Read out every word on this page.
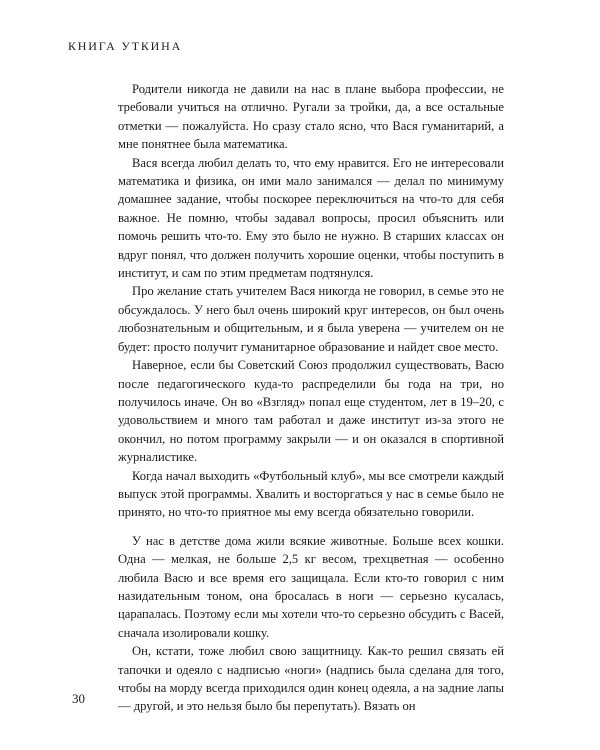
КНИГА УТКИНА

Родители никогда не давили на нас в плане выбора профессии, не требовали учиться на отлично. Ругали за тройки, да, а все остальные отметки — пожалуйста. Но сразу стало ясно, что Вася гуманитарий, а мне понятнее была математика.

Вася всегда любил делать то, что ему нравится. Его не интересовали математика и физика, он ими мало занимался — делал по минимуму домашнее задание, чтобы поскорее переключиться на что-то для себя важное. Не помню, чтобы задавал вопросы, просил объяснить или помочь решить что-то. Ему это было не нужно. В старших классах он вдруг понял, что должен получить хорошие оценки, чтобы поступить в институт, и сам по этим предметам подтянулся.

Про желание стать учителем Вася никогда не говорил, в семье это не обсуждалось. У него был очень широкий круг интересов, он был очень любознательным и общительным, и я была уверена — учителем он не будет: просто получит гуманитарное образование и найдет свое место.

Наверное, если бы Советский Союз продолжил существовать, Васю после педагогического куда-то распределили бы года на три, но получилось иначе. Он во «Взгляд» попал еще студентом, лет в 19–20, с удовольствием и много там работал и даже институт из-за этого не окончил, но потом программу закрыли — и он оказался в спортивной журналистике.

Когда начал выходить «Футбольный клуб», мы все смотрели каждый выпуск этой программы. Хвалить и восторгаться у нас в семье было не принято, но что-то приятное мы ему всегда обязательно говорили.

У нас в детстве дома жили всякие животные. Больше всех кошки. Одна — мелкая, не больше 2,5 кг весом, трехцветная — особенно любила Васю и все время его защищала. Если кто-то говорил с ним назидательным тоном, она бросалась в ноги — серьезно кусалась, царапалась. Поэтому если мы хотели что-то серьезно обсудить с Васей, сначала изолировали кошку.

Он, кстати, тоже любил свою защитницу. Как-то решил связать ей тапочки и одеяло с надписью «ноги» (надпись была сделана для того, чтобы на морду всегда приходился один конец одеяла, а на задние лапы — другой, и это нельзя было бы перепутать). Вязать он

30
